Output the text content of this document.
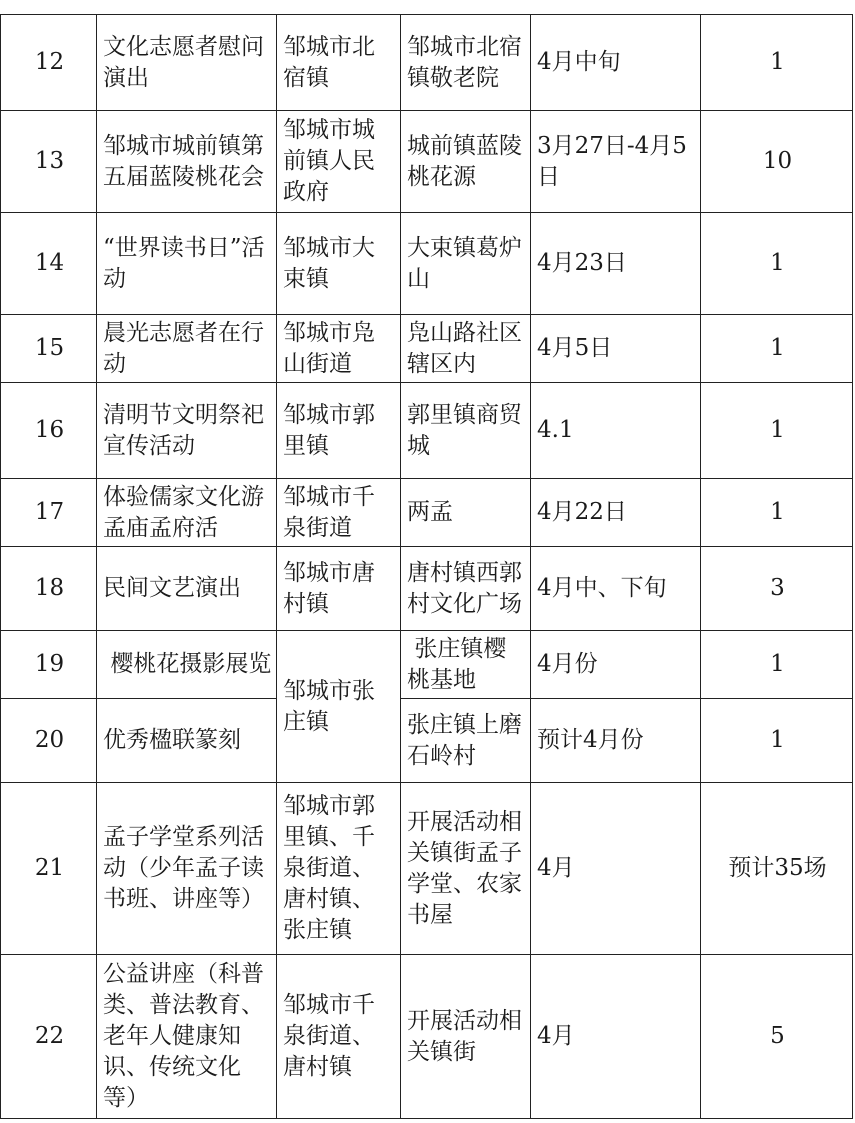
12	文化志愿者慰问演出	邹城市北宿镇	邹城市北宿镇敬老院	4月中旬	1
13	邹城市城前镇第五届蓝陵桃花会	邹城市城前镇人民政府	城前镇蓝陵桃花源	3月27日-4月5日	10
14	“世界读书日”活动	邹城市大束镇	大束镇葛炉山	4月23日	1
15	晨光志愿者在行动	邹城市凫山街道	凫山路社区辖区内	4月5日	1
16	清明节文明祭祀宣传活动	邹城市郭里镇	郭里镇商贸城	4.1	1
17	体验儒家文化游孟庙孟府活	邹城市千泉街道	两孟	4月22日	1
18	民间文艺演出	邹城市唐村镇	唐村镇西郭村文化广场	4月中、下旬	3
19	樱桃花摄影展览	邹城市张庄镇	张庄镇樱桃基地	4月份	1
20	优秀楹联篆刻		张庄镇上磨石岭村	预计4月份	1
21	孟子学堂系列活动（少年孟子读书班、讲座等）	邹城市郭里镇、千泉街道、唐村镇、张庄镇	开展活动相关镇街孟子学堂、农家书屋	4月	预计35场
22	公益讲座（科普类、普法教育、老年人健康知识、传统文化等）	邹城市千泉街道、唐村镇	开展活动相关镇街	4月	5
